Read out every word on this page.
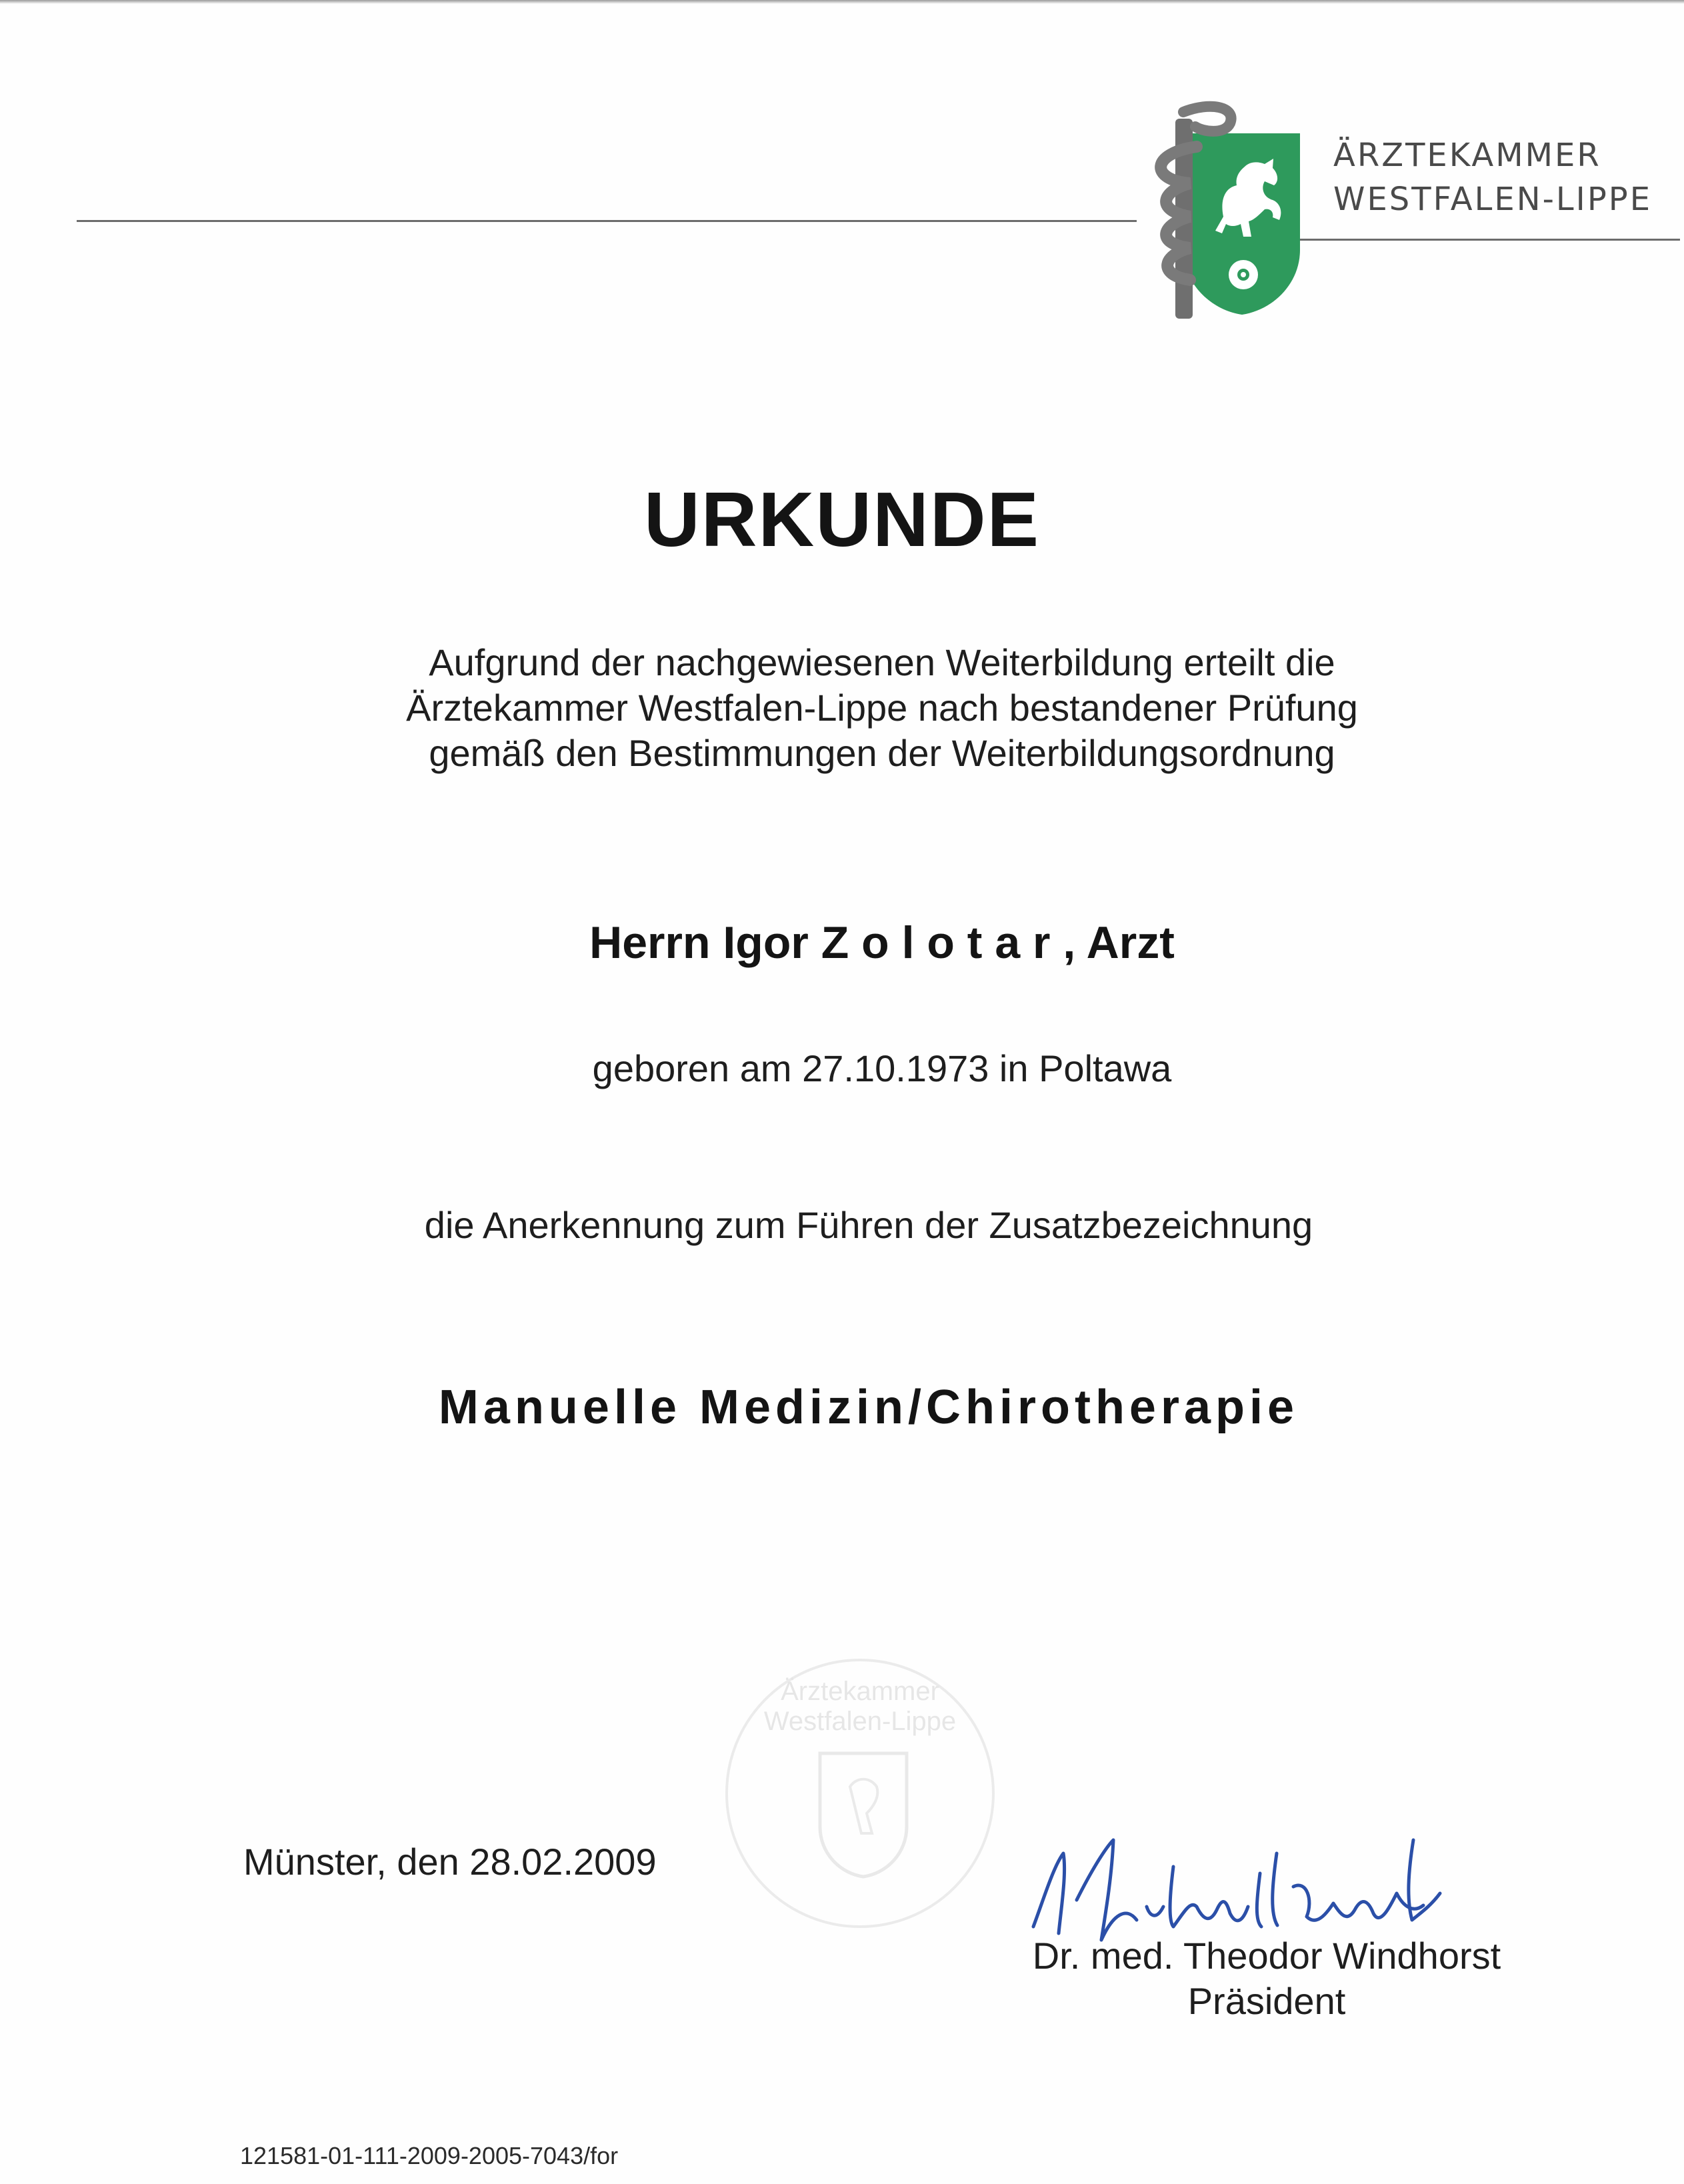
ÄRZTEKAMMER
WESTFALEN-LIPPE
URKUNDE
Aufgrund der nachgewiesenen Weiterbildung erteilt die
Ärztekammer Westfalen-Lippe nach bestandener Prüfung
gemäß den Bestimmungen der Weiterbildungsordnung
Herrn Igor Z o l o t a r , Arzt
geboren am 27.10.1973 in Poltawa
die Anerkennung zum Führen der Zusatzbezeichnung
Manuelle Medizin/Chirotherapie
Ärztekammer
Westfalen-Lippe
Münster, den 28.02.2009
Dr. med. Theodor Windhorst
Präsident
121581-01-111-2009-2005-7043/for
